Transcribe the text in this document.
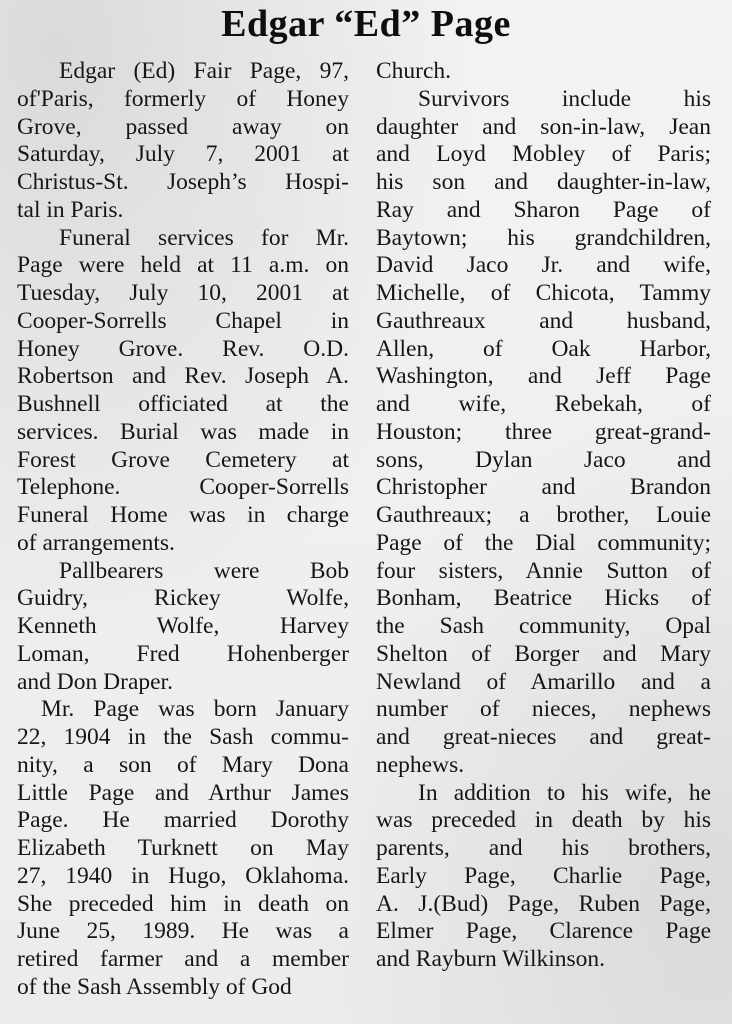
Edgar “Ed” Page
Edgar (Ed) Fair Page, 97,
of'Paris, formerly of Honey
Grove, passed away on
Saturday, July 7, 2001 at
Christus-St. Joseph’s Hospi-
tal in Paris.
Funeral services for Mr.
Page were held at 11 a.m. on
Tuesday, July 10, 2001 at
Cooper-Sorrells Chapel in
Honey Grove. Rev. O.D.
Robertson and Rev. Joseph A.
Bushnell officiated at the
services. Burial was made in
Forest Grove Cemetery at
Telephone. Cooper-Sorrells
Funeral Home was in charge
of arrangements.
Pallbearers were Bob
Guidry, Rickey Wolfe,
Kenneth Wolfe, Harvey
Loman, Fred Hohenberger
and Don Draper.
Mr. Page was born January
22, 1904 in the Sash commu-
nity, a son of Mary Dona
Little Page and Arthur James
Page. He married Dorothy
Elizabeth Turknett on May
27, 1940 in Hugo, Oklahoma.
She preceded him in death on
June 25, 1989. He was a
retired farmer and a member
of the Sash Assembly of God
Church.
Survivors include his
daughter and son-in-law, Jean
and Loyd Mobley of Paris;
his son and daughter-in-law,
Ray and Sharon Page of
Baytown; his grandchildren,
David Jaco Jr. and wife,
Michelle, of Chicota, Tammy
Gauthreaux and husband,
Allen, of Oak Harbor,
Washington, and Jeff Page
and wife, Rebekah, of
Houston; three great-grand-
sons, Dylan Jaco and
Christopher and Brandon
Gauthreaux; a brother, Louie
Page of the Dial community;
four sisters, Annie Sutton of
Bonham, Beatrice Hicks of
the Sash community, Opal
Shelton of Borger and Mary
Newland of Amarillo and a
number of nieces, nephews
and great-nieces and great-
nephews.
In addition to his wife, he
was preceded in death by his
parents, and his brothers,
Early Page, Charlie Page,
A. J.(Bud) Page, Ruben Page,
Elmer Page, Clarence Page
and Rayburn Wilkinson.
